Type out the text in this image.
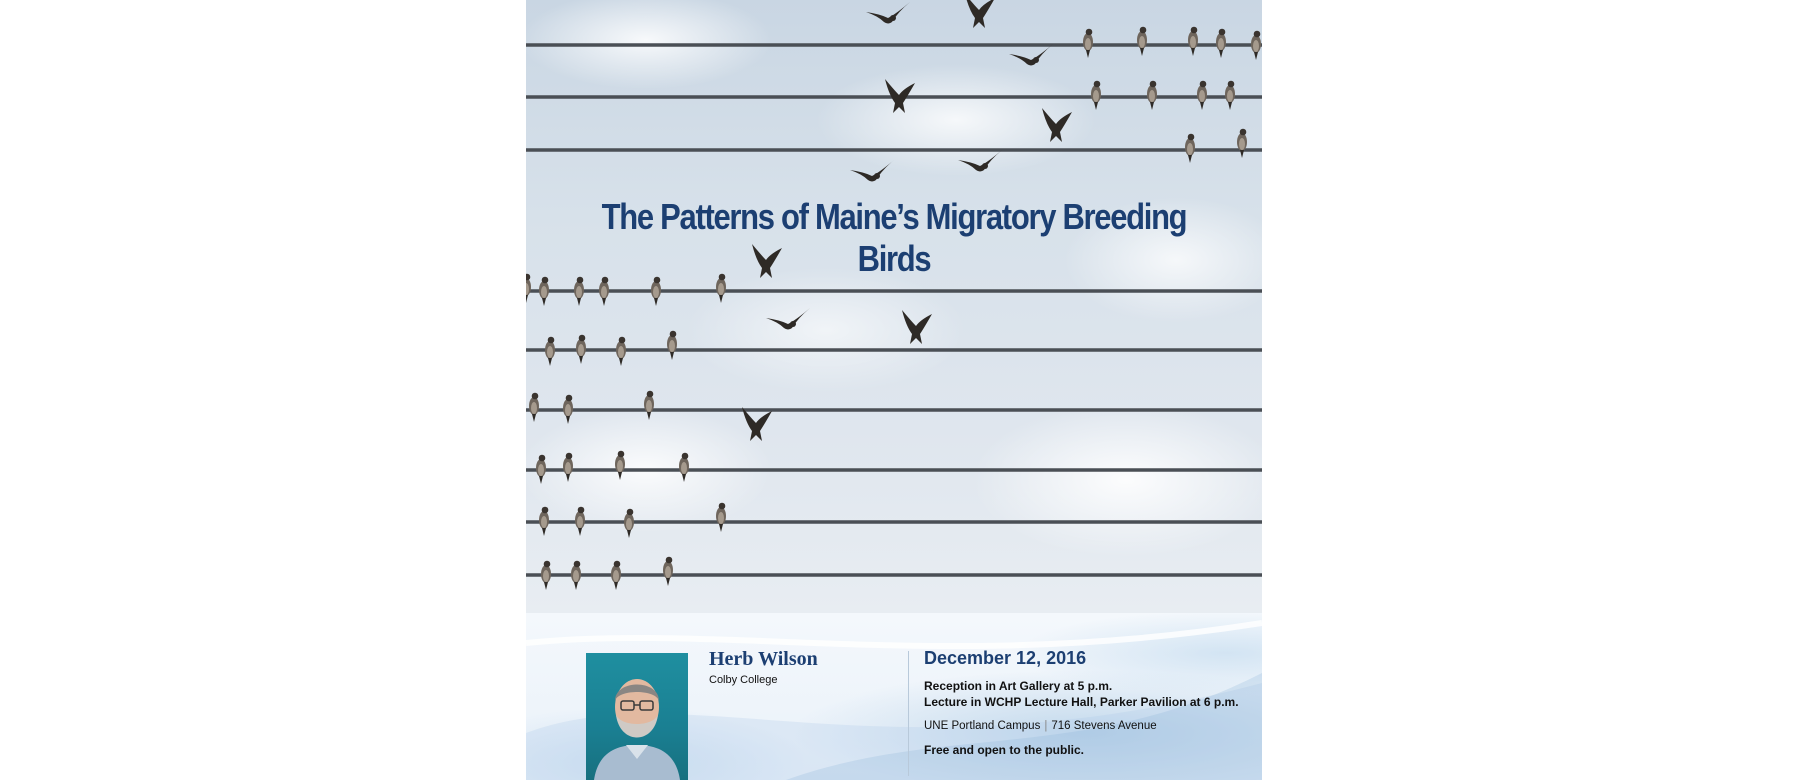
The Patterns of Maine’s Migratory Breeding Birds
Herb Wilson
Colby College
December 12, 2016
Reception in Art Gallery at 5 p.m.
Lecture in WCHP Lecture Hall, Parker Pavilion at 6 p.m.
UNE Portland Campus | 716 Stevens Avenue
Free and open to the public.
